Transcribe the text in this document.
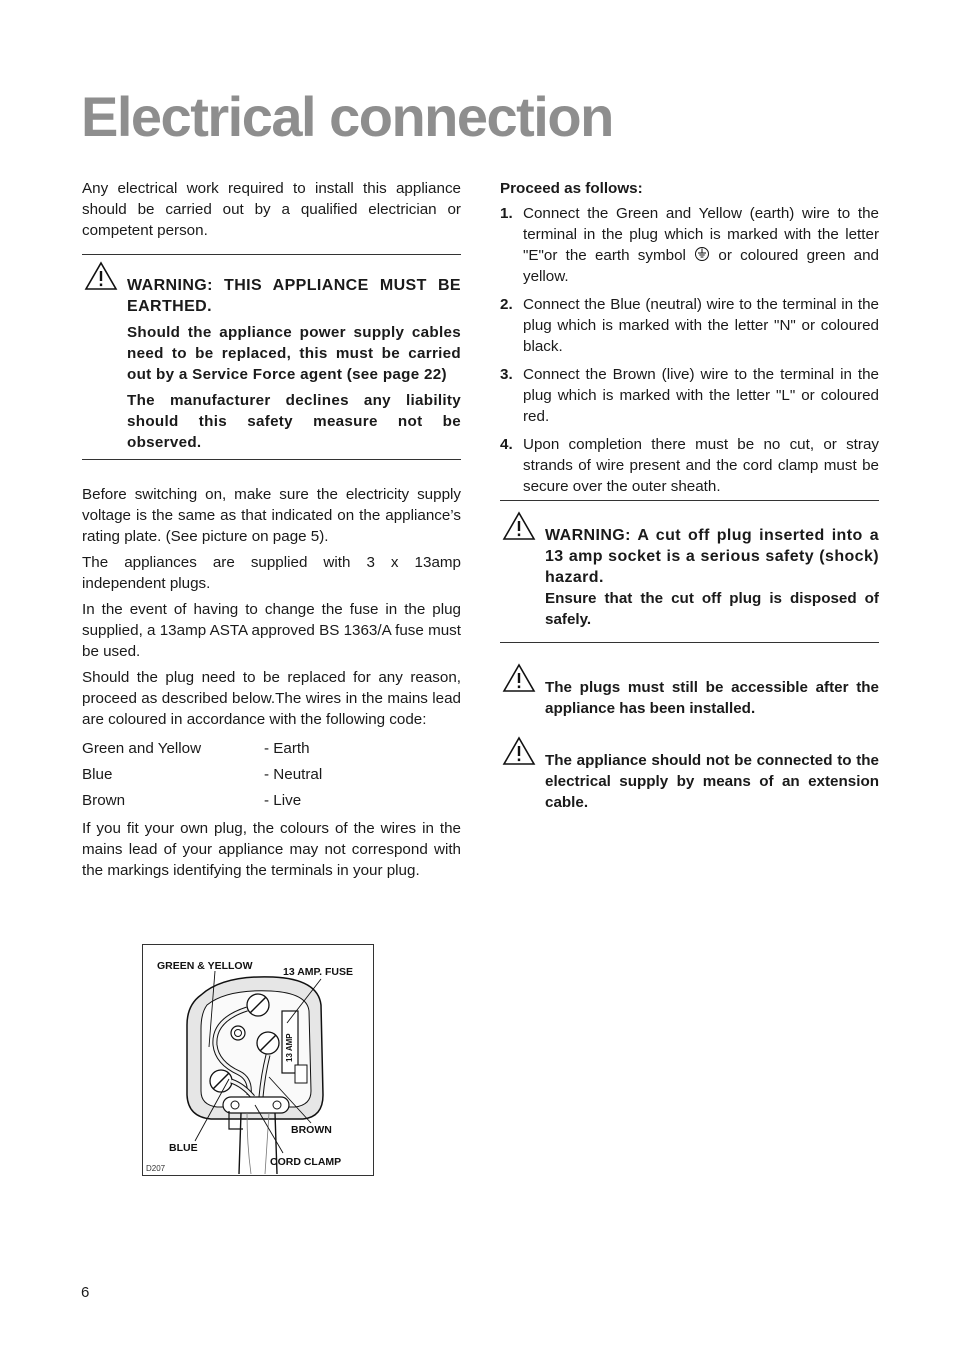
Electrical connection

Any electrical work required to install this appliance should be carried out by a qualified electrician or competent person.

WARNING: THIS APPLIANCE MUST BE EARTHED.

Should the appliance power supply cables need to be replaced, this must be carried out by a Service Force agent (see page 22)

The manufacturer declines any liability should this safety measure not be observed.

Before switching on, make sure the electricity supply voltage is the same as that indicated on the appliance’s rating plate. (See picture on page 5).

The appliances are supplied with 3 x 13amp independent plugs.

In the event of having to change the fuse in the plug supplied, a 13amp ASTA approved BS 1363/A fuse must be used.

Should the plug need to be replaced for any reason, proceed as described below.The wires in the mains lead are coloured in accordance with the following code:

Green and Yellow	- Earth
Blue	- Neutral
Brown	- Live

If you fit your own plug, the colours of the wires in the mains lead of your appliance may not correspond with the markings identifying the terminals in your plug.

13 AMP
GREEN & YELLOW	13 AMP. FUSE
BROWN
BLUE
CORD CLAMP
D207
Proceed as follows:
1. Connect the Green and Yellow (earth) wire to the terminal in the plug which is marked with the letter "E"or the earth symbol or coloured green and yellow.
2. Connect the Blue (neutral) wire to the terminal in the plug which is marked with the letter "N" or coloured black.
3. Connect the Brown (live) wire to the terminal in the plug which is marked with the letter "L" or coloured red.
4. Upon completion there must be no cut, or stray strands of wire present and the cord clamp must be secure over the outer sheath.

WARNING: A cut off plug inserted into a 13 amp socket is a serious safety (shock) hazard.

Ensure that the cut off plug is disposed of safely.

The plugs must still be accessible after the appliance has been installed.

The appliance should not be connected to the electrical supply by means of an extension cable.

6
